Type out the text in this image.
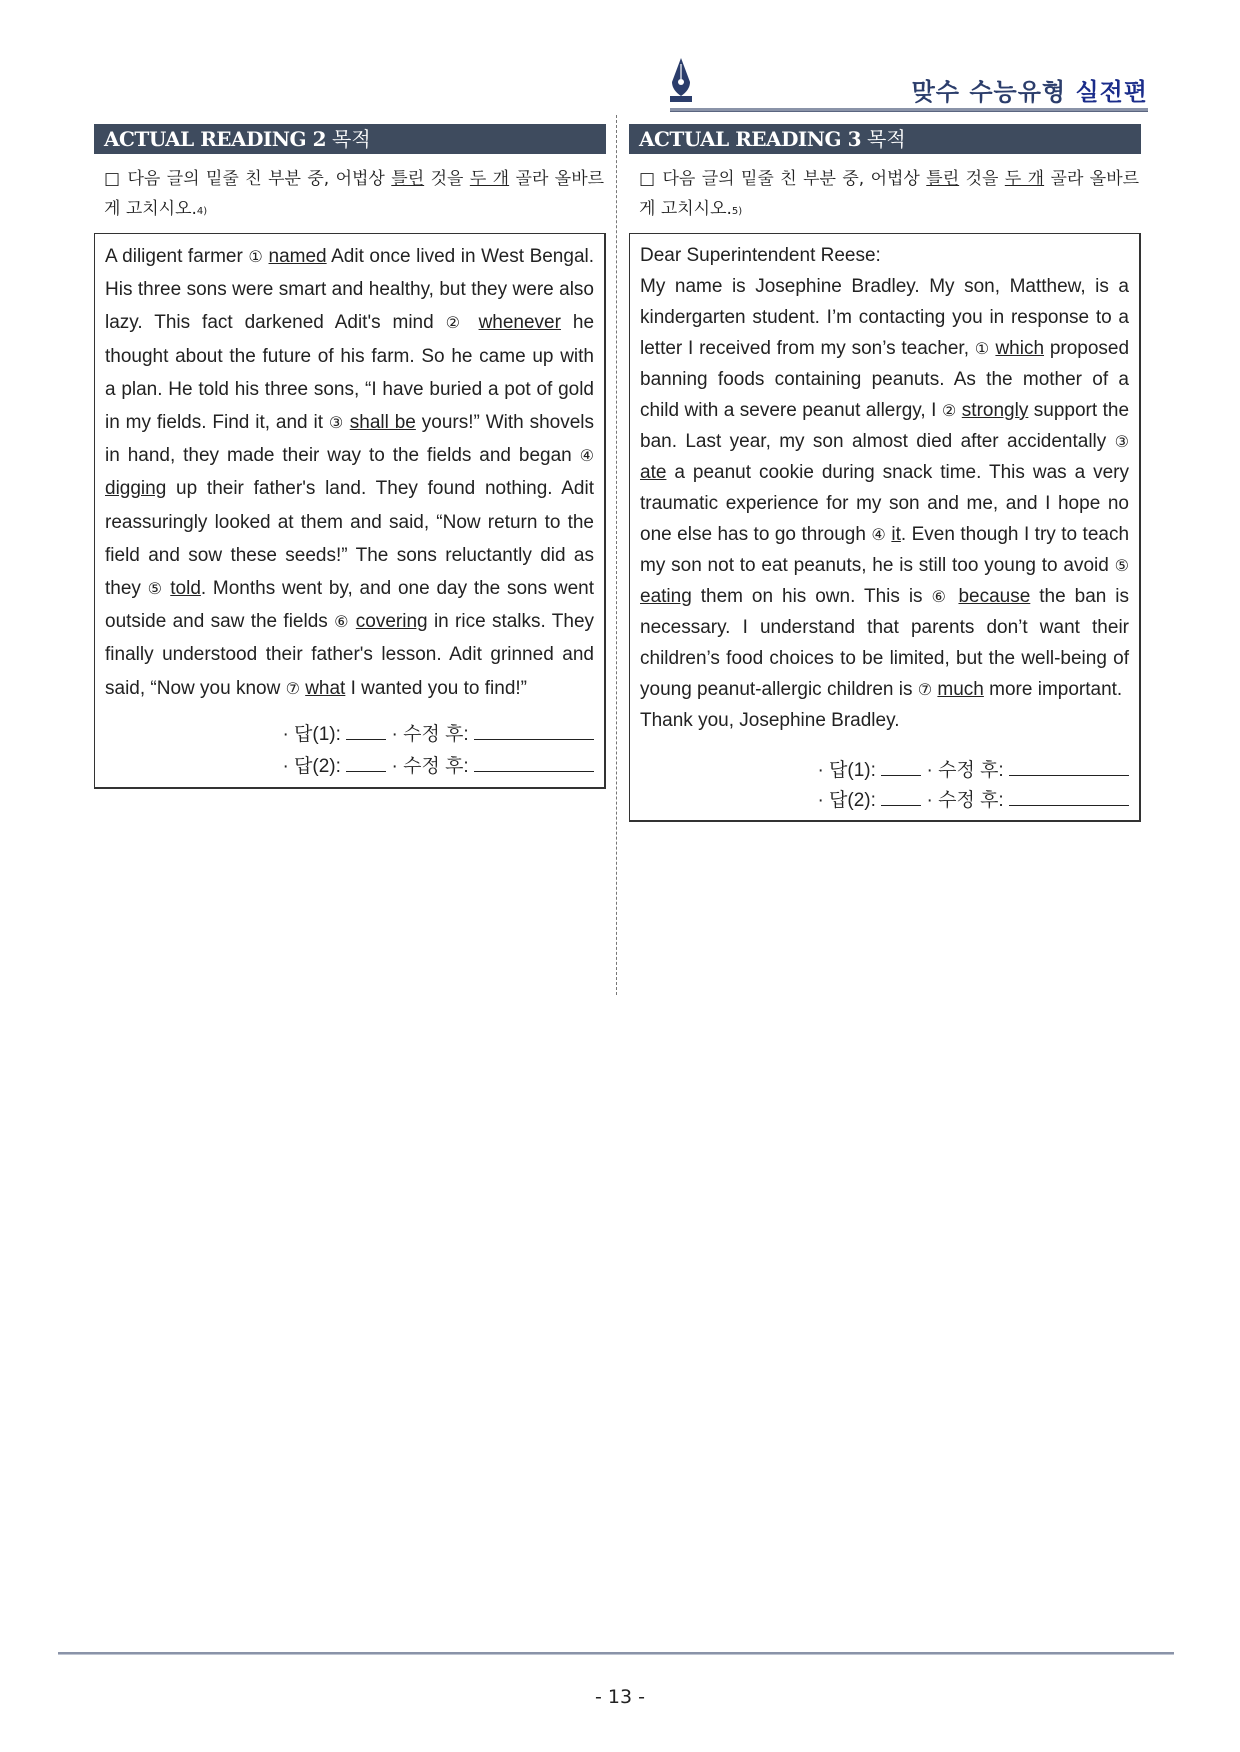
맞수 수능유형 실전편
ACTUAL READING 2 목적
□ 다음 글의 밑줄 친 부분 중, 어법상 틀린 것을 두 개 골라 올바르게 고치시오.4)
A diligent farmer ① named Adit once lived in West Bengal. His three sons were smart and healthy, but they were also lazy. This fact darkened Adit's mind ② whenever he thought about the future of his farm. So he came up with a plan. He told his three sons, “I have buried a pot of gold in my fields. Find it, and it ③ shall be yours!” With shovels in hand, they made their way to the fields and began ④ digging up their father's land. They found nothing. Adit reassuringly looked at them and said, “Now return to the field and sow these seeds!” The sons reluctantly did as they ⑤ told. Months went by, and one day the sons went outside and saw the fields ⑥ covering in rice stalks. They finally understood their father's lesson. Adit grinned and said, “Now you know ⑦ what I wanted you to find!”
· 답(1):	· 수정 후:
· 답(2):	· 수정 후:
ACTUAL READING 3 목적
□ 다음 글의 밑줄 친 부분 중, 어법상 틀린 것을 두 개 골라 올바르게 고치시오.5)

Dear Superintendent Reese:

My name is Josephine Bradley. My son, Matthew, is a kindergarten student. I’m contacting you in response to a letter I received from my son’s teacher, ① which proposed banning foods containing peanuts. As the mother of a child with a severe peanut allergy, I ② strongly support the ban. Last year, my son almost died after accidentally ③ ate a peanut cookie during snack time. This was a very traumatic experience for my son and me, and I hope no one else has to go through ④ it. Even though I try to teach my son not to eat peanuts, he is still too young to avoid ⑤ eating them on his own. This is ⑥ because the ban is necessary. I understand that parents don’t want their children’s food choices to be limited, but the well-being of young peanut-allergic children is ⑦ much more important.

Thank you, Josephine Bradley.

· 답(1):	· 수정 후:
· 답(2):	· 수정 후:
- 13 -
